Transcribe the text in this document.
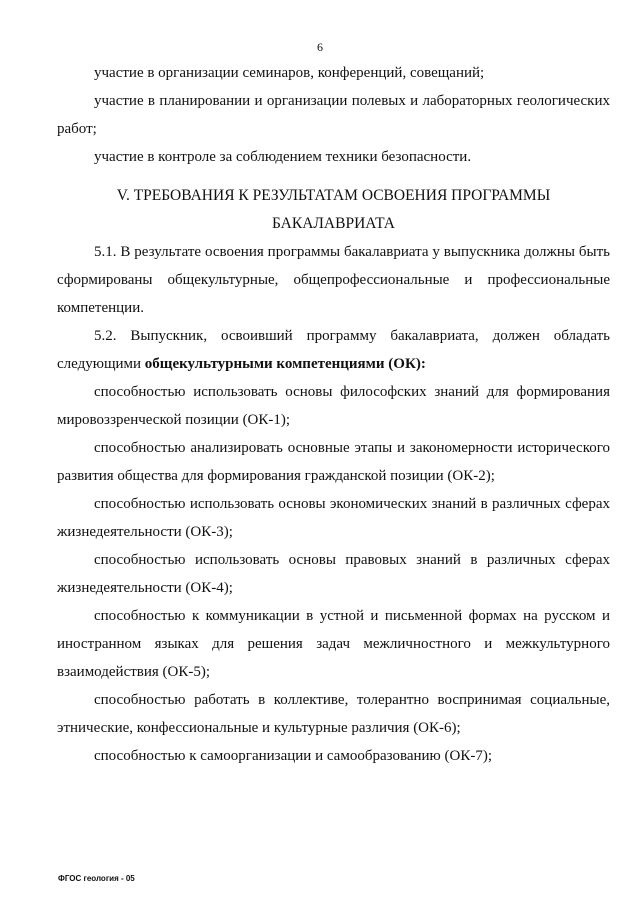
6

участие в организации семинаров, конференций, совещаний;

участие в планировании и организации полевых и лабораторных геологических работ;

участие в контроле за соблюдением техники безопасности.

V. ТРЕБОВАНИЯ К РЕЗУЛЬТАТАМ ОСВОЕНИЯ ПРОГРАММЫ БАКАЛАВРИАТА

5.1. В результате освоения программы бакалавриата у выпускника должны быть сформированы общекультурные, общепрофессиональные и профессиональные компетенции.

5.2. Выпускник, освоивший программу бакалавриата, должен обладать следующими общекультурными компетенциями (ОК):

способностью использовать основы философских знаний для формирования мировоззренческой позиции (ОК-1);

способностью анализировать основные этапы и закономерности исторического развития общества для формирования гражданской позиции (ОК-2);

способностью использовать основы экономических знаний в различных сферах жизнедеятельности (ОК-3);

способностью использовать основы правовых знаний в различных сферах жизнедеятельности (ОК-4);

способностью к коммуникации в устной и письменной формах на русском и иностранном языках для решения задач межличностного и межкультурного взаимодействия (ОК-5);

способностью работать в коллективе, толерантно воспринимая социальные, этнические, конфессиональные и культурные различия (ОК-6);

способностью к самоорганизации и самообразованию (ОК-7);

ФГОС геология - 05
